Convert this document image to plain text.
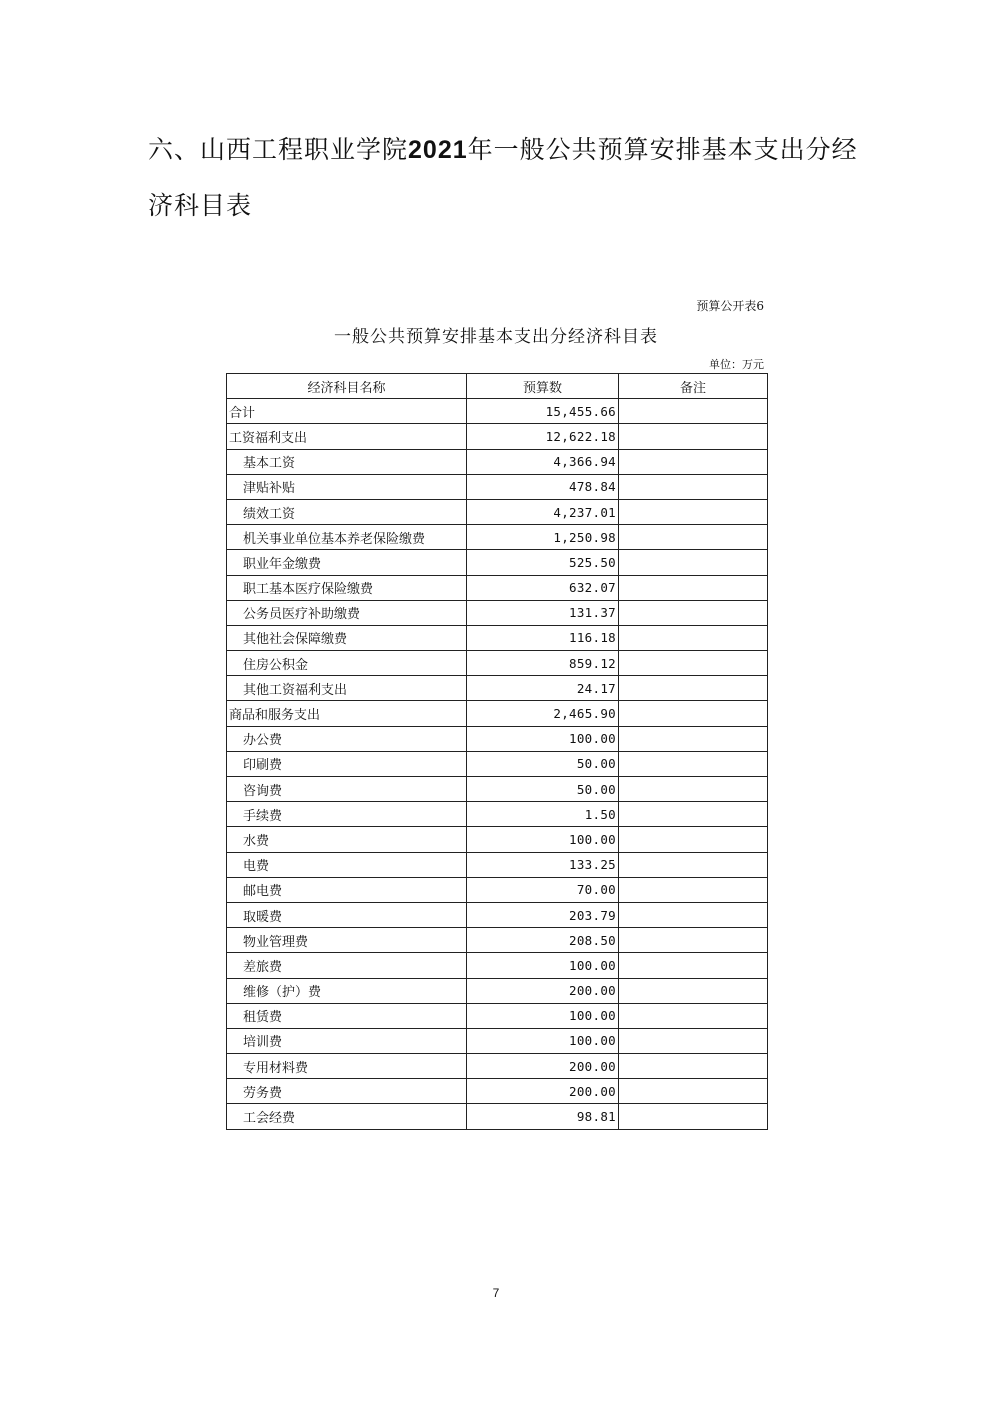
六、山西工程职业学院2021年一般公共预算安排基本支出分经济科目表
预算公开表6
一般公共预算安排基本支出分经济科目表
单位：万元
经济科目名称	预算数	备注
合计	15,455.66	
工资福利支出	12,622.18	
基本工资	4,366.94	
津贴补贴	478.84	
绩效工资	4,237.01	
机关事业单位基本养老保险缴费	1,250.98	
职业年金缴费	525.50	
职工基本医疗保险缴费	632.07	
公务员医疗补助缴费	131.37	
其他社会保障缴费	116.18	
住房公积金	859.12	
其他工资福利支出	24.17	
商品和服务支出	2,465.90	
办公费	100.00	
印刷费	50.00	
咨询费	50.00	
手续费	1.50	
水费	100.00	
电费	133.25	
邮电费	70.00	
取暖费	203.79	
物业管理费	208.50	
差旅费	100.00	
维修（护）费	200.00	
租赁费	100.00	
培训费	100.00	
专用材料费	200.00	
劳务费	200.00	
工会经费	98.81	
7
